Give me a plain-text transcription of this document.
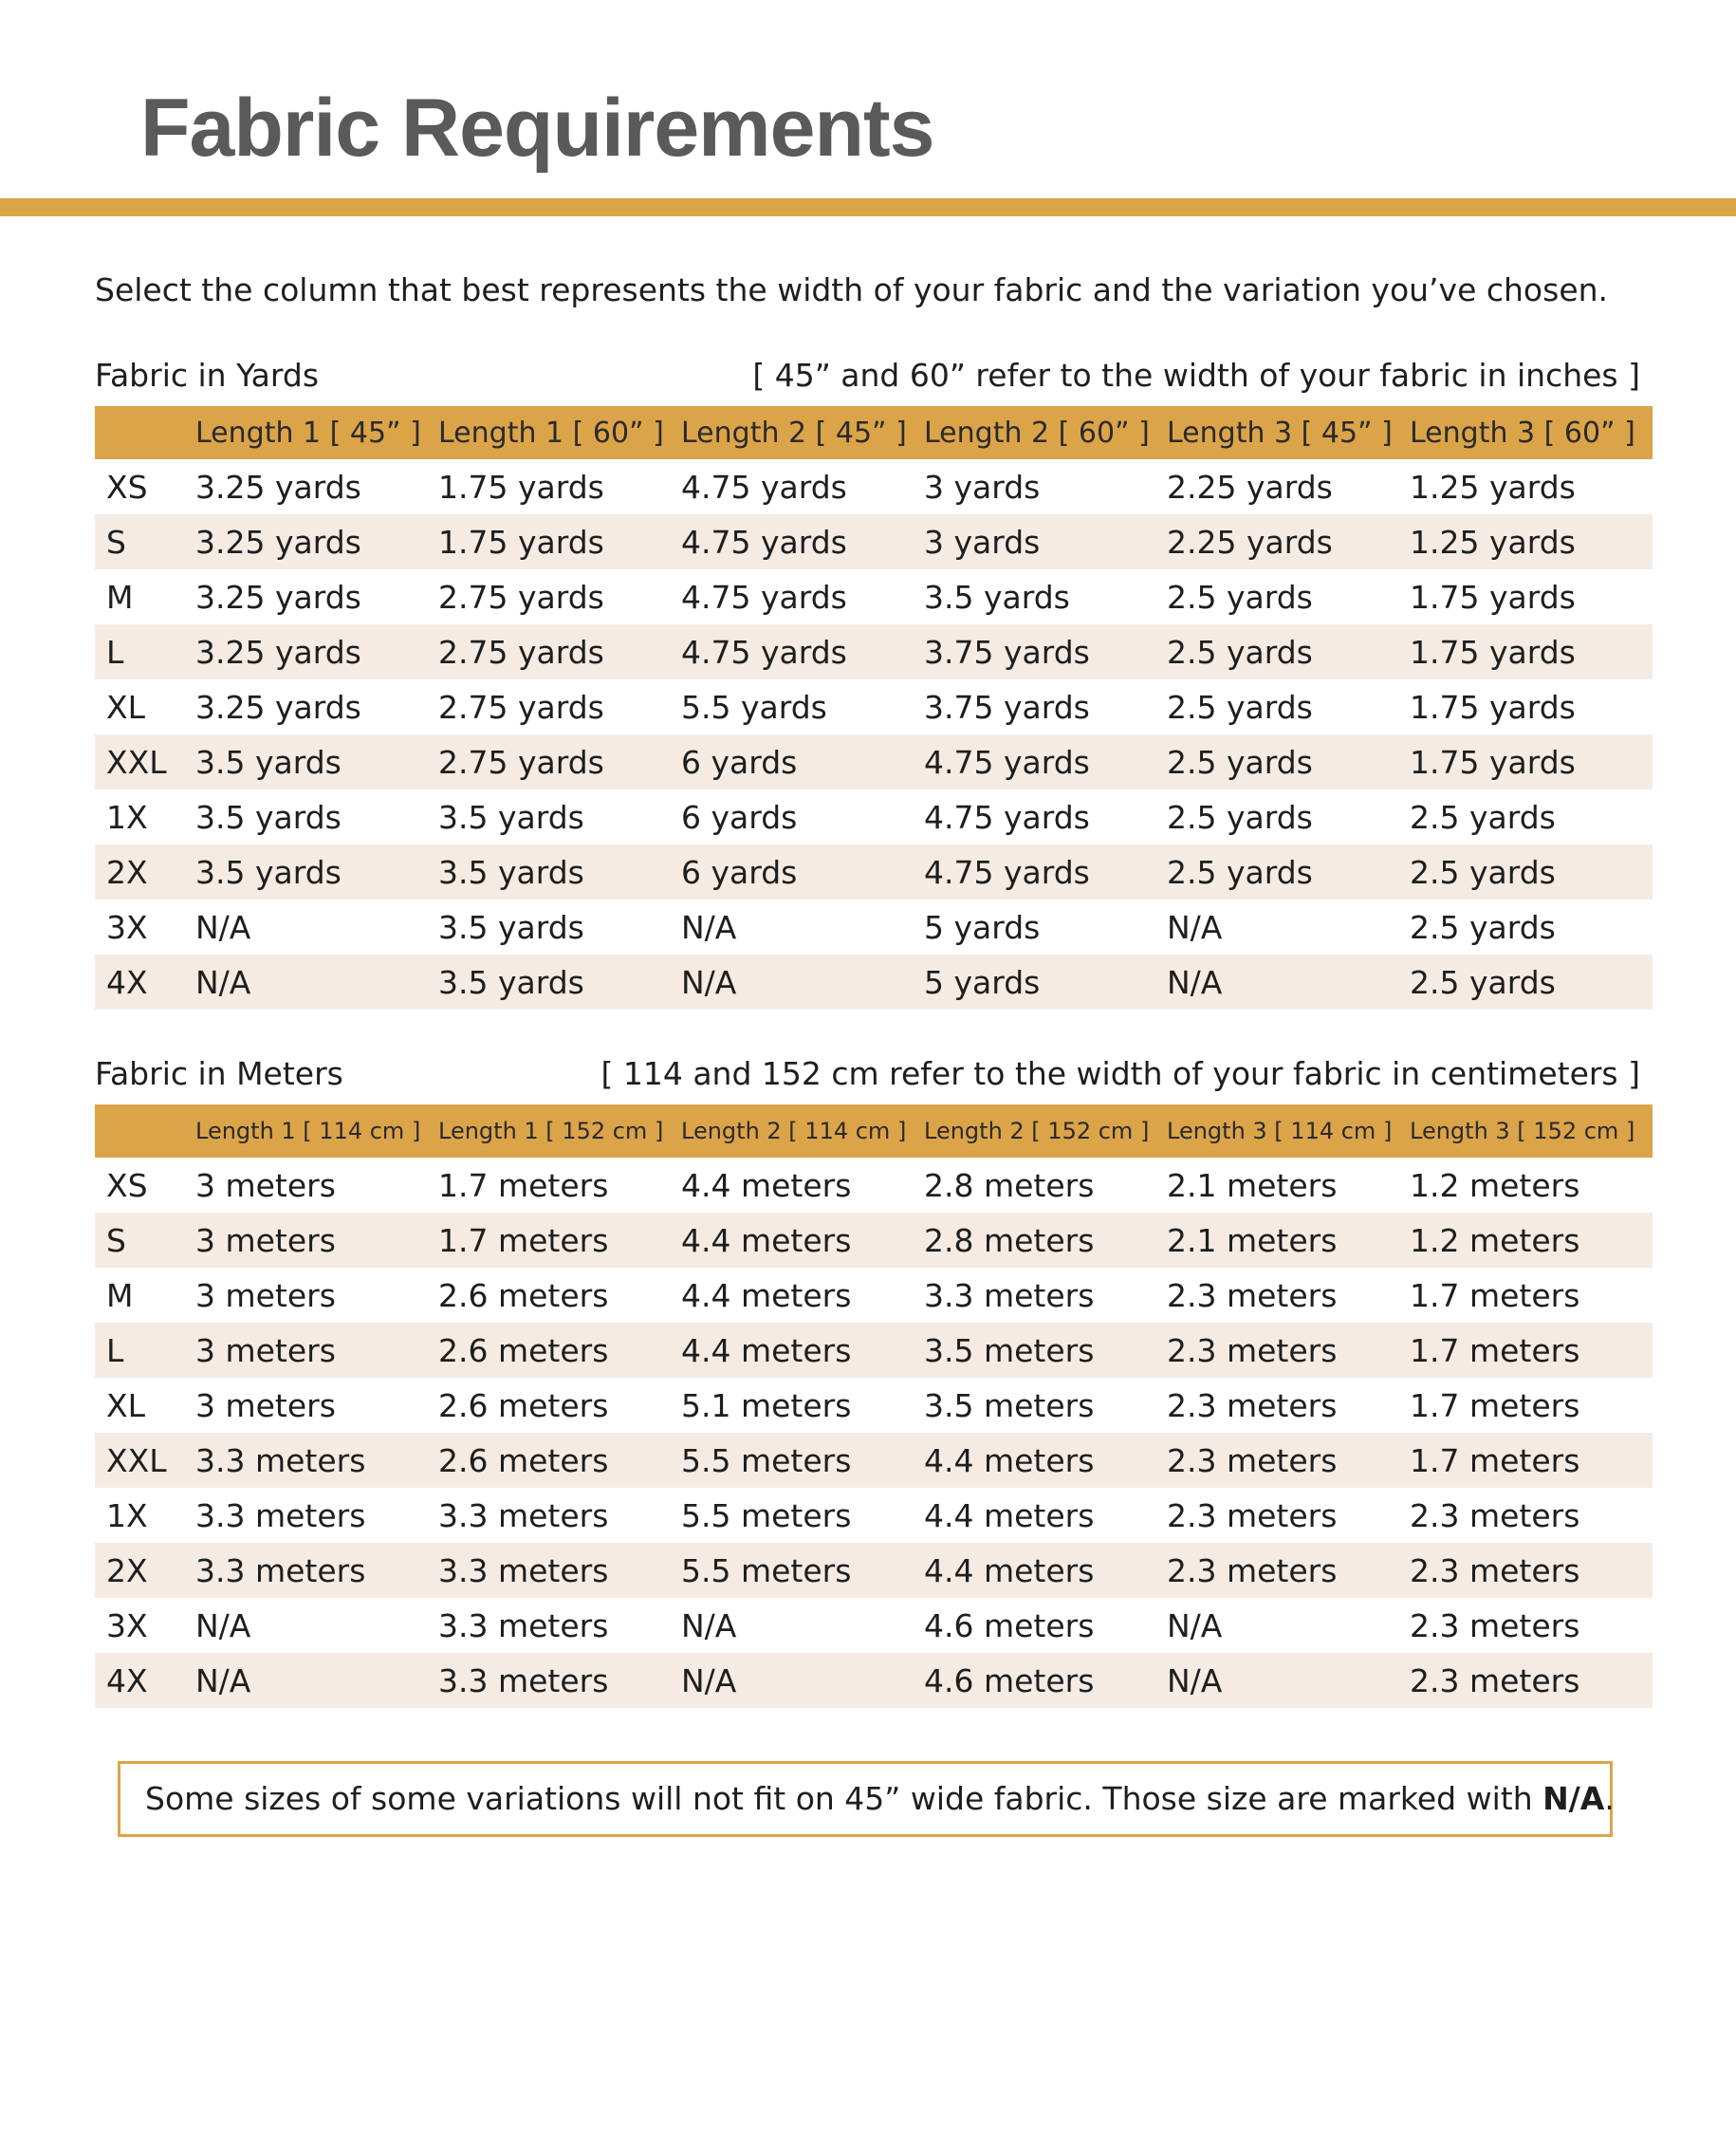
Fabric Requirements

Select the column that best represents the width of your fabric and the variation you’ve chosen.

Fabric in Yards	[ 45” and 60” refer to the width of your fabric in inches ]
	Length 1 [ 45” ]	Length 1 [ 60” ]	Length 2 [ 45” ]	Length 2 [ 60” ]	Length 3 [ 45” ]	Length 3 [ 60” ]
XS	3.25 yards	1.75 yards	4.75 yards	3 yards	2.25 yards	1.25 yards
S	3.25 yards	1.75 yards	4.75 yards	3 yards	2.25 yards	1.25 yards
M	3.25 yards	2.75 yards	4.75 yards	3.5 yards	2.5 yards	1.75 yards
L	3.25 yards	2.75 yards	4.75 yards	3.75 yards	2.5 yards	1.75 yards
XL	3.25 yards	2.75 yards	5.5 yards	3.75 yards	2.5 yards	1.75 yards
XXL	3.5 yards	2.75 yards	6 yards	4.75 yards	2.5 yards	1.75 yards
1X	3.5 yards	3.5 yards	6 yards	4.75 yards	2.5 yards	2.5 yards
2X	3.5 yards	3.5 yards	6 yards	4.75 yards	2.5 yards	2.5 yards
3X	N/A	3.5 yards	N/A	5 yards	N/A	2.5 yards
4X	N/A	3.5 yards	N/A	5 yards	N/A	2.5 yards
Fabric in Meters	[ 114 and 152 cm refer to the width of your fabric in centimeters ]
	Length 1 [ 114 cm ]	Length 1 [ 152 cm ]	Length 2 [ 114 cm ]	Length 2 [ 152 cm ]	Length 3 [ 114 cm ]	Length 3 [ 152 cm ]
XS	3 meters	1.7 meters	4.4 meters	2.8 meters	2.1 meters	1.2 meters
S	3 meters	1.7 meters	4.4 meters	2.8 meters	2.1 meters	1.2 meters
M	3 meters	2.6 meters	4.4 meters	3.3 meters	2.3 meters	1.7 meters
L	3 meters	2.6 meters	4.4 meters	3.5 meters	2.3 meters	1.7 meters
XL	3 meters	2.6 meters	5.1 meters	3.5 meters	2.3 meters	1.7 meters
XXL	3.3 meters	2.6 meters	5.5 meters	4.4 meters	2.3 meters	1.7 meters
1X	3.3 meters	3.3 meters	5.5 meters	4.4 meters	2.3 meters	2.3 meters
2X	3.3 meters	3.3 meters	5.5 meters	4.4 meters	2.3 meters	2.3 meters
3X	N/A	3.3 meters	N/A	4.6 meters	N/A	2.3 meters
4X	N/A	3.3 meters	N/A	4.6 meters	N/A	2.3 meters
Some sizes of some variations will not fit on 45” wide fabric. Those size are marked with N/A.
